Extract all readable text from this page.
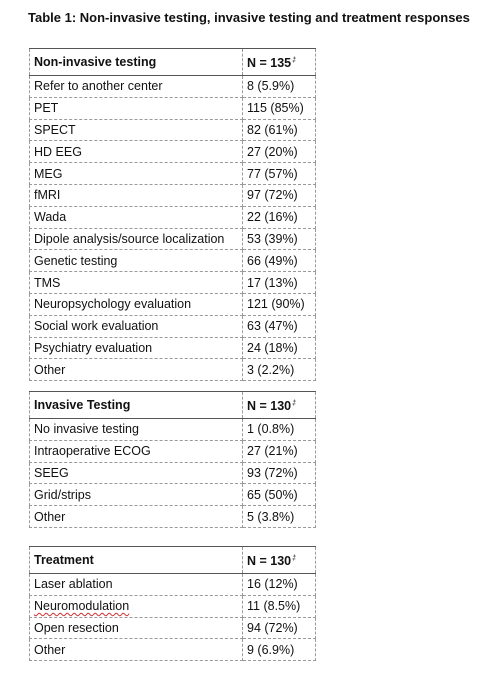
Table 1: Non-invasive testing, invasive testing and treatment responses
Non-invasive testing	N = 135‡
Refer to another center	8 (5.9%)
PET	115 (85%)
SPECT	82 (61%)
HD EEG	27 (20%)
MEG	77 (57%)
fMRI	97 (72%)
Wada	22 (16%)
Dipole analysis/source localization	53 (39%)
Genetic testing	66 (49%)
TMS	17 (13%)
Neuropsychology evaluation	121 (90%)
Social work evaluation	63 (47%)
Psychiatry evaluation	24 (18%)
Other	3 (2.2%)
Invasive Testing	N = 130‡
No invasive testing	1 (0.8%)
Intraoperative ECOG	27 (21%)
SEEG	93 (72%)
Grid/strips	65 (50%)
Other	5 (3.8%)
Treatment	N = 130‡
Laser ablation	16 (12%)
Neuromodulation	11 (8.5%)
Open resection	94 (72%)
Other	9 (6.9%)
